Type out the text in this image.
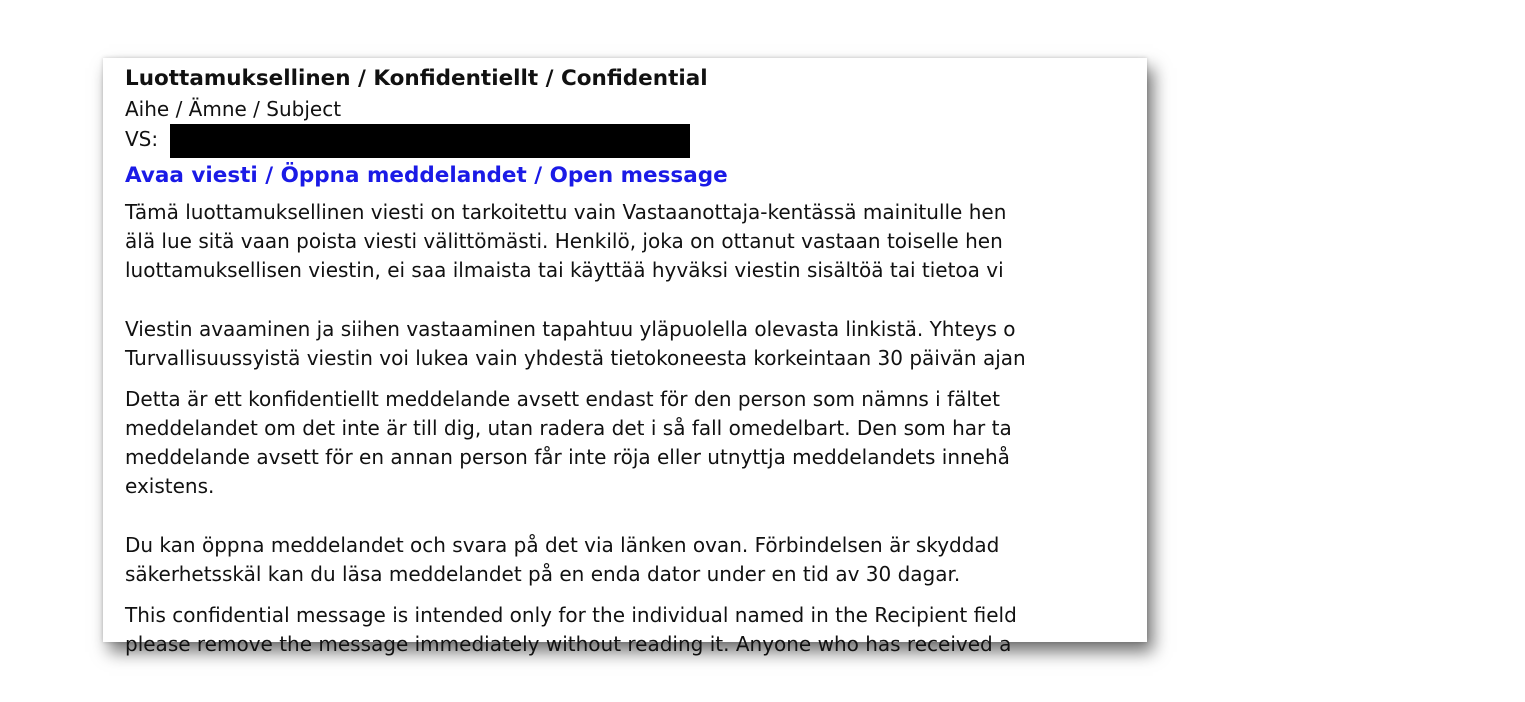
Luottamuksellinen / Konfidentiellt / Confidential
Aihe / Ämne / Subject
VS:
Avaa viesti / Öppna meddelandet / Open message
Tämä luottamuksellinen viesti on tarkoitettu vain Vastaanottaja-kentässä mainitulle hen
älä lue sitä vaan poista viesti välittömästi. Henkilö, joka on ottanut vastaan toiselle hen
luottamuksellisen viestin, ei saa ilmaista tai käyttää hyväksi viestin sisältöä tai tietoa vi
Viestin avaaminen ja siihen vastaaminen tapahtuu yläpuolella olevasta linkistä. Yhteys o
Turvallisuussyistä viestin voi lukea vain yhdestä tietokoneesta korkeintaan 30 päivän ajan
Detta är ett konfidentiellt meddelande avsett endast för den person som nämns i fältet
meddelandet om det inte är till dig, utan radera det i så fall omedelbart. Den som har ta
meddelande avsett för en annan person får inte röja eller utnyttja meddelandets innehå
existens.
Du kan öppna meddelandet och svara på det via länken ovan. Förbindelsen är skyddad
säkerhetsskäl kan du läsa meddelandet på en enda dator under en tid av 30 dagar.
This confidential message is intended only for the individual named in the Recipient field
please remove the message immediately without reading it. Anyone who has received a
